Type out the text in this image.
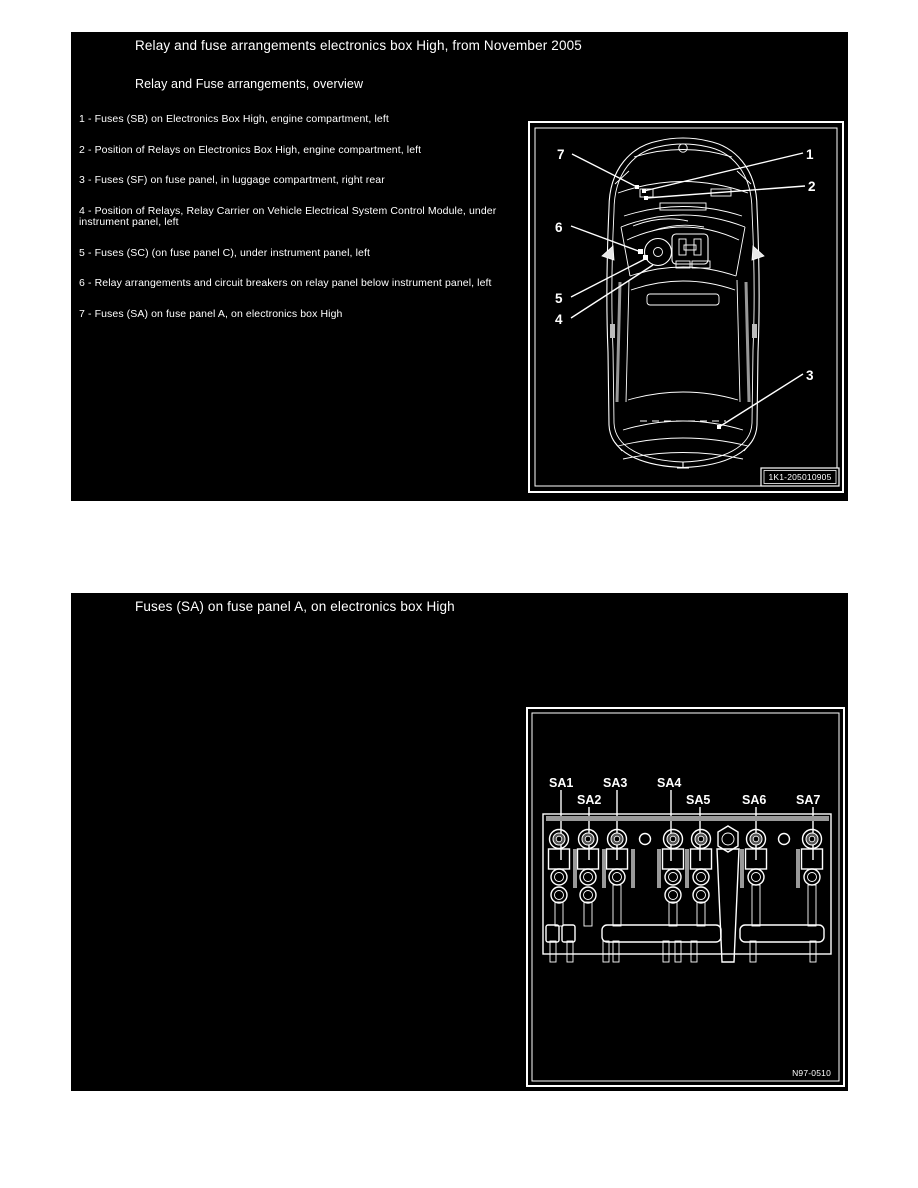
Relay and fuse arrangements electronics box High, from November 2005
Relay and Fuse arrangements, overview

1 - Fuses (SB) on Electronics Box High, engine compartment, left

2 - Position of Relays on Electronics Box High, engine compartment, left

3 - Fuses (SF) on fuse panel, in luggage compartment, right rear

4 - Position of Relays, Relay Carrier on Vehicle Electrical System Control Module, under instrument panel, left

5 - Fuses (SC) (on fuse panel C), under instrument panel, left

6 - Relay arrangements and circuit breakers on relay panel below instrument panel, left

7 - Fuses (SA) on fuse panel A, on electronics box High

7	1
2
6
5
4
3
1K1-205010905
Fuses (SA) on fuse panel A, on electronics box High
SA1
SA2
SA3 SA4
SA5	SA6 SA7
N97-0510
